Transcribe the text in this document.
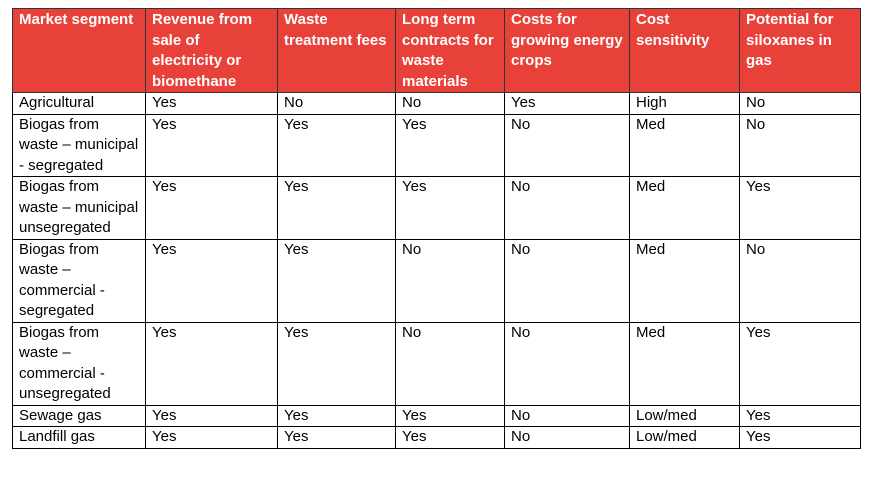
Market segment	Revenue from sale of electricity or biomethane	Waste treatment fees	Long term contracts for waste materials	Costs for growing energy crops	Cost sensitivity	Potential for siloxanes in gas
Agricultural	Yes	No	No	Yes	High	No
Biogas from waste – municipal - segregated	Yes	Yes	Yes	No	Med	No
Biogas from waste – municipal unsegregated	Yes	Yes	Yes	No	Med	Yes
Biogas from waste – commercial - segregated	Yes	Yes	No	No	Med	No
Biogas from waste – commercial - unsegregated	Yes	Yes	No	No	Med	Yes
Sewage gas	Yes	Yes	Yes	No	Low/med	Yes
Landfill gas	Yes	Yes	Yes	No	Low/med	Yes
